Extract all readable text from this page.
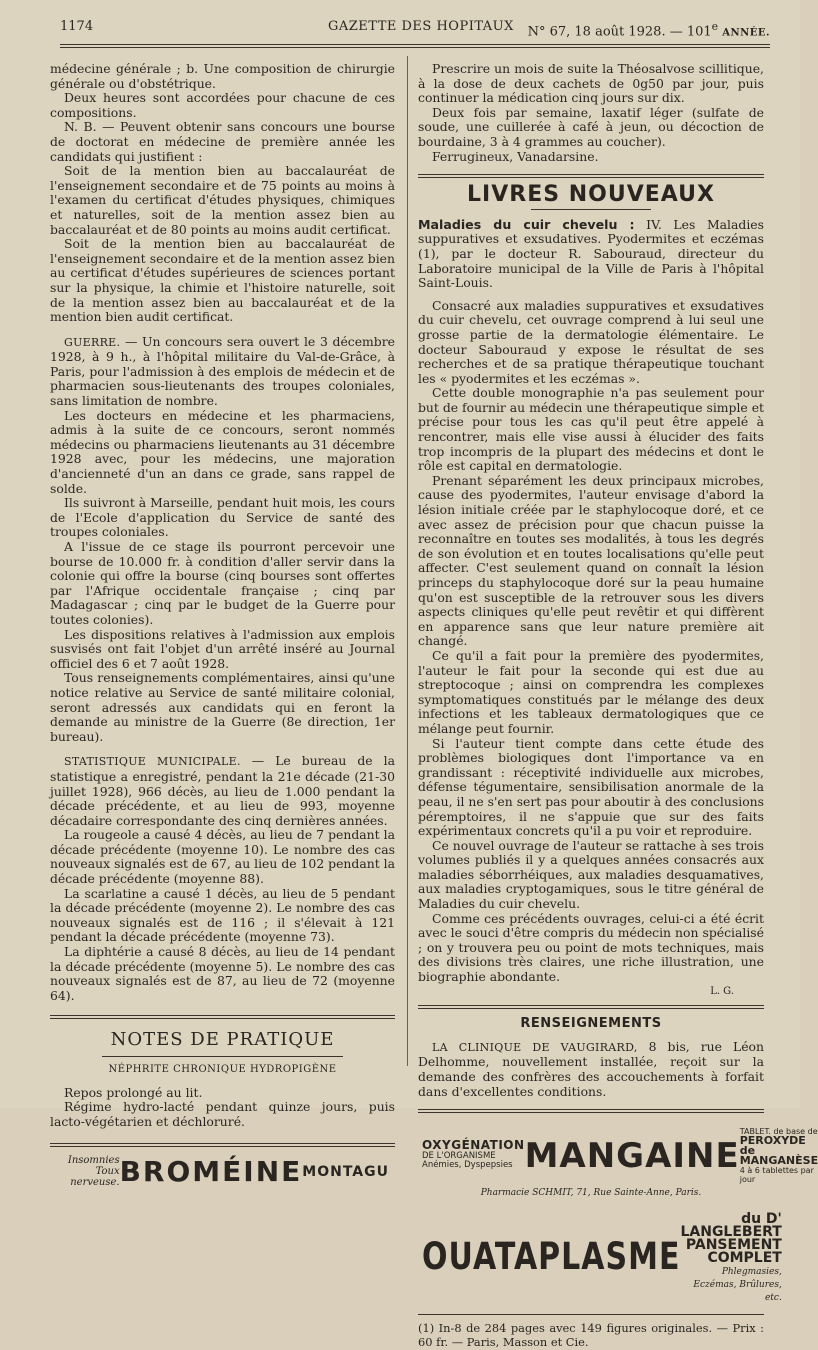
1174	GAZETTE DES HOPITAUX N° 67, 18 août 1928. — 101e ANNÉE.

médecine générale ; b. Une composition de chirurgie générale ou d'obstétrique.

Deux heures sont accordées pour chacune de ces compositions.

N. B. — Peuvent obtenir sans concours une bourse de doctorat en médecine de première année les candidats qui justifient :

Soit de la mention bien au baccalauréat de l'enseignement secondaire et de 75 points au moins à l'examen du certificat d'études physiques, chimiques et naturelles, soit de la mention assez bien au baccalauréat et de 80 points au moins audit certificat.

Soit de la mention bien au baccalauréat de l'enseignement secondaire et de la mention assez bien au certificat d'études supérieures de sciences portant sur la physique, la chimie et l'histoire naturelle, soit de la mention assez bien au baccalauréat et de la mention bien audit certificat.

GUERRE. — Un concours sera ouvert le 3 décembre 1928, à 9 h., à l'hôpital militaire du Val-de-Grâce, à Paris, pour l'admission à des emplois de médecin et de pharmacien sous-lieutenants des troupes coloniales, sans limitation de nombre.

Les docteurs en médecine et les pharmaciens, admis à la suite de ce concours, seront nommés médecins ou pharmaciens lieutenants au 31 décembre 1928 avec, pour les médecins, une majoration d'ancienneté d'un an dans ce grade, sans rappel de solde.

Ils suivront à Marseille, pendant huit mois, les cours de l'Ecole d'application du Service de santé des troupes coloniales.

A l'issue de ce stage ils pourront percevoir une bourse de 10.000 fr. à condition d'aller servir dans la colonie qui offre la bourse (cinq bourses sont offertes par l'Afrique occidentale française ; cinq par Madagascar ; cinq par le budget de la Guerre pour toutes colonies).

Les dispositions relatives à l'admission aux emplois susvisés ont fait l'objet d'un arrêté inséré au Journal officiel des 6 et 7 août 1928.

Tous renseignements complémentaires, ainsi qu'une notice relative au Service de santé militaire colonial, seront adressés aux candidats qui en feront la demande au ministre de la Guerre (8e direction, 1er bureau).

STATISTIQUE MUNICIPALE. — Le bureau de la statistique a enregistré, pendant la 21e décade (21-30 juillet 1928), 966 décès, au lieu de 1.000 pendant la décade précédente, et au lieu de 993, moyenne décadaire correspondante des cinq dernières années.

La rougeole a causé 4 décès, au lieu de 7 pendant la décade précédente (moyenne 10). Le nombre des cas nouveaux signalés est de 67, au lieu de 102 pendant la décade précédente (moyenne 88).

La scarlatine a causé 1 décès, au lieu de 5 pendant la décade précédente (moyenne 2). Le nombre des cas nouveaux signalés est de 116 ; il s'élevait à 121 pendant la décade précédente (moyenne 73).

La diphtérie a causé 8 décès, au lieu de 14 pendant la décade précédente (moyenne 5). Le nombre des cas nouveaux signalés est de 87, au lieu de 72 (moyenne 64).

NOTES DE PRATIQUE
NÉPHRITE CHRONIQUE HYDROPIGÈNE

Repos prolongé au lit.

Régime hydro-lacté pendant quinze jours, puis lacto-végétarien et déchloruré.

Insomnies
Toux nerveuse. BROMÉINE MONTAGU

Prescrire un mois de suite la Théosalvose scillitique, à la dose de deux cachets de 0g50 par jour, puis continuer la médication cinq jours sur dix.

Deux fois par semaine, laxatif léger (sulfate de soude, une cuillerée à café à jeun, ou décoction de bourdaine, 3 à 4 grammes au coucher).

Ferrugineux, Vanadarsine.

LIVRES NOUVEAUX

Maladies du cuir chevelu : IV. Les Maladies suppuratives et exsudatives. Pyodermites et eczémas (1), par le docteur R. Sabouraud, directeur du Laboratoire municipal de la Ville de Paris à l'hôpital Saint-Louis.

Consacré aux maladies suppuratives et exsudatives du cuir chevelu, cet ouvrage comprend à lui seul une grosse partie de la dermatologie élémentaire. Le docteur Sabouraud y expose le résultat de ses recherches et de sa pratique thérapeutique touchant les « pyodermites et les eczémas ».

Cette double monographie n'a pas seulement pour but de fournir au médecin une thérapeutique simple et précise pour tous les cas qu'il peut être appelé à rencontrer, mais elle vise aussi à élucider des faits trop incompris de la plupart des médecins et dont le rôle est capital en dermatologie.

Prenant séparément les deux principaux microbes, cause des pyodermites, l'auteur envisage d'abord la lésion initiale créée par le staphylocoque doré, et ce avec assez de précision pour que chacun puisse la reconnaître en toutes ses modalités, à tous les degrés de son évolution et en toutes localisations qu'elle peut affecter. C'est seulement quand on connaît la lésion princeps du staphylocoque doré sur la peau humaine qu'on est susceptible de la retrouver sous les divers aspects cliniques qu'elle peut revêtir et qui diffèrent en apparence sans que leur nature première ait changé.

Ce qu'il a fait pour la première des pyodermites, l'auteur le fait pour la seconde qui est due au streptocoque ; ainsi on comprendra les complexes symptomatiques constitués par le mélange des deux infections et les tableaux dermatologiques que ce mélange peut fournir.

Si l'auteur tient compte dans cette étude des problèmes biologiques dont l'importance va en grandissant : réceptivité individuelle aux microbes, défense tégumentaire, sensibilisation anormale de la peau, il ne s'en sert pas pour aboutir à des conclusions péremptoires, il ne s'appuie que sur des faits expérimentaux concrets qu'il a pu voir et reproduire.

Ce nouvel ouvrage de l'auteur se rattache à ses trois volumes publiés il y a quelques années consacrés aux maladies séborrhéiques, aux maladies desquamatives, aux maladies cryptogamiques, sous le titre général de Maladies du cuir chevelu.

Comme ces précédents ouvrages, celui-ci a été écrit avec le souci d'être compris du médecin non spécialisé ; on y trouvera peu ou point de mots techniques, mais des divisions très claires, une riche illustration, une biographie abondante.

L. G.
RENSEIGNEMENTS

LA CLINIQUE DE VAUGIRARD, 8 bis, rue Léon Delhomme, nouvellement installée, reçoit sur la demande des confrères des accouchements à forfait dans d'excellentes conditions.

OXYGÉNATION
DE L'ORGANISME
Anémies, Dyspepsies MANGAINE
TABLET. de base de
PEROXYDE de MANGANÈSE
4 à 6 tablettes par jour
Pharmacie SCHMIT, 71, Rue Sainte-Anne, Paris.
OUATAPLASME
du D' LANGLEBERT
PANSEMENT COMPLET
Phlegmasies, Eczémas, Brûlures, etc.

(1) In-8 de 284 pages avec 149 figures originales. — Prix : 60 fr. — Paris, Masson et Cie.
